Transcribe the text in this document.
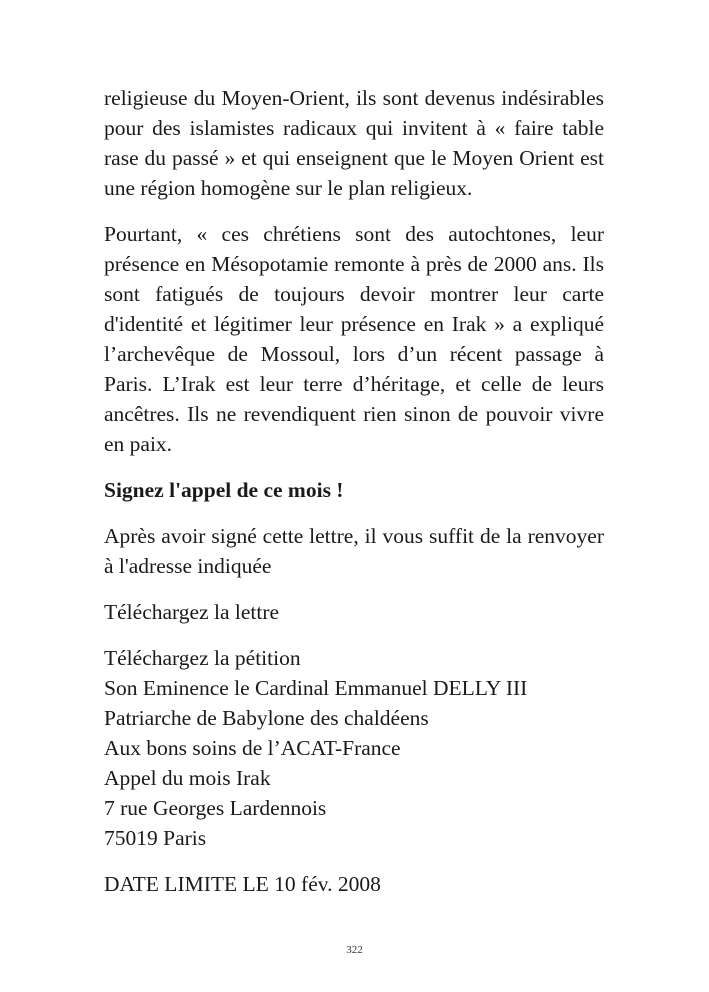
religieuse du Moyen-Orient, ils sont devenus indésirables pour des islamistes radicaux qui invitent à « faire table rase du passé » et qui enseignent que le Moyen Orient est une région homogène sur le plan religieux.

Pourtant, « ces chrétiens sont des autochtones, leur présence en Mésopotamie remonte à près de 2000 ans. Ils sont fatigués de toujours devoir montrer leur carte d'identité et légitimer leur présence en Irak » a expliqué l’archevêque de Mossoul, lors d’un récent passage à Paris. L’Irak est leur terre d’héritage, et celle de leurs ancêtres. Ils ne revendiquent rien sinon de pouvoir vivre en paix.

Signez l'appel de ce mois !

Après avoir signé cette lettre, il vous suffit de la renvoyer à l'adresse indiquée

Téléchargez la lettre

Téléchargez la pétition
Son Eminence le Cardinal Emmanuel DELLY III
Patriarche de Babylone des chaldéens
Aux bons soins de l’ACAT-France
Appel du mois Irak
7 rue Georges Lardennois
75019 Paris

DATE LIMITE LE 10 fév. 2008

322
